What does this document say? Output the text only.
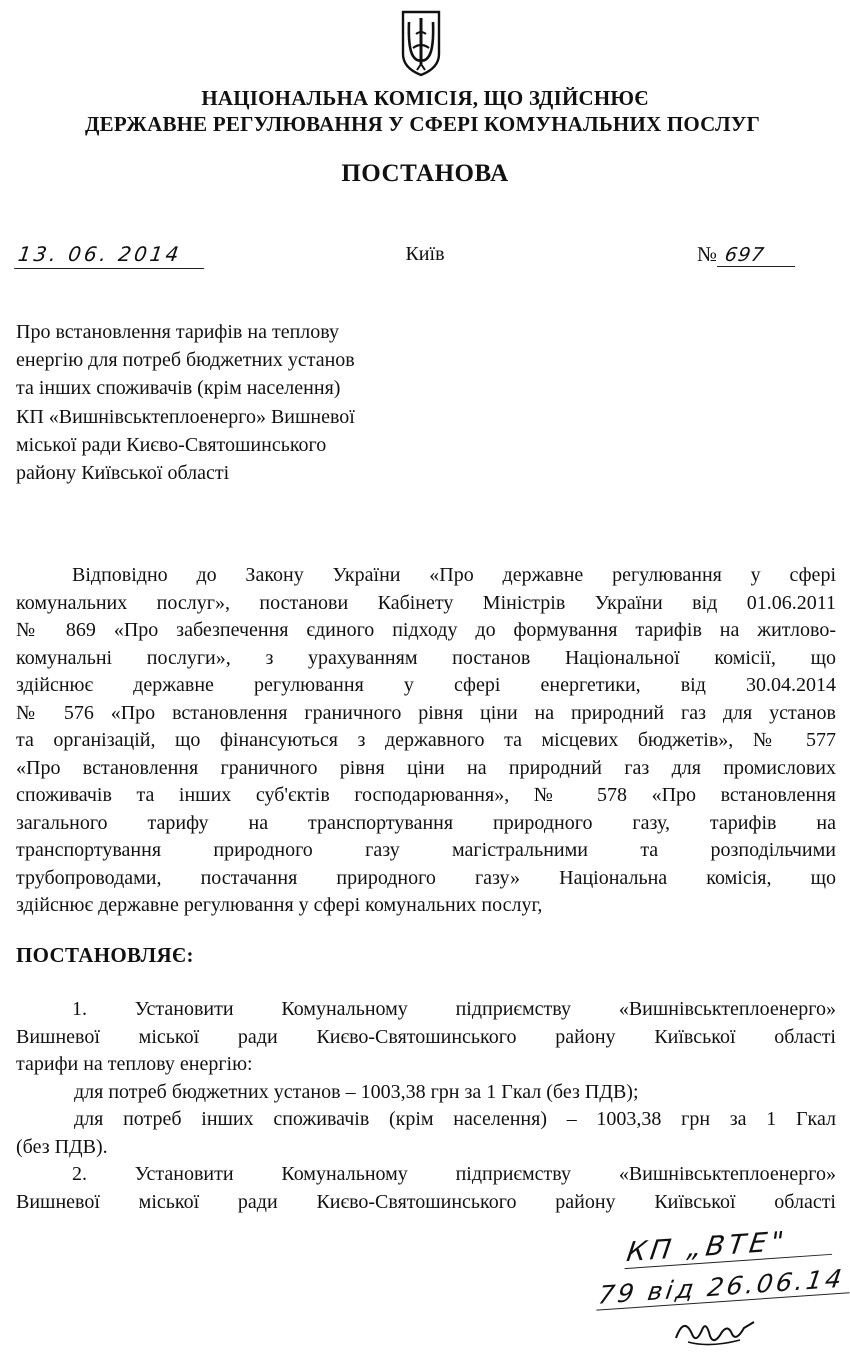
НАЦІОНАЛЬНА КОМІСІЯ, ЩО ЗДІЙСНЮЄ
ДЕРЖАВНЕ РЕГУЛЮВАННЯ У СФЕРІ КОМУНАЛЬНИХ ПОСЛУГ
ПОСТАНОВА
13. 06. 2014	Київ	№ 697
Про встановлення тарифів на теплову
енергію для потреб бюджетних установ
та інших споживачів (крім населення)
КП «Вишнівськтеплоенерго» Вишневої
міської ради Києво-Святошинського
району Київської області
Відповідно до Закону України «Про державне регулювання у сфері
комунальних послуг», постанови Кабінету Міністрів України від 01.06.2011
№ 869 «Про забезпечення єдиного підходу до формування тарифів на житлово-
комунальні послуги», з урахуванням постанов Національної комісії, що
здійснює державне регулювання у сфері енергетики, від 30.04.2014
№ 576 «Про встановлення граничного рівня ціни на природний газ для установ
та організацій, що фінансуються з державного та місцевих бюджетів», № 577
«Про встановлення граничного рівня ціни на природний газ для промислових
споживачів та інших суб'єктів господарювання», № 578 «Про встановлення
загального тарифу на транспортування природного газу, тарифів на
транспортування природного газу магістральними та розподільчими
трубопроводами, постачання природного газу» Національна комісія, що
здійснює державне регулювання у сфері комунальних послуг,
ПОСТАНОВЛЯЄ:
1. Установити Комунальному підприємству «Вишнівськтеплоенерго»
Вишневої міської ради Києво-Святошинського району Київської області
тарифи на теплову енергію:
для потреб бюджетних установ – 1003,38 грн за 1 Гкал (без ПДВ);
для потреб інших споживачів (крім населення) – 1003,38 грн за 1 Гкал
(без ПДВ).
2. Установити Комунальному підприємству «Вишнівськтеплоенерго»
Вишневої міської ради Києво-Святошинського району Київської області
КП „ВТЕ"
79 від 26.06.14
